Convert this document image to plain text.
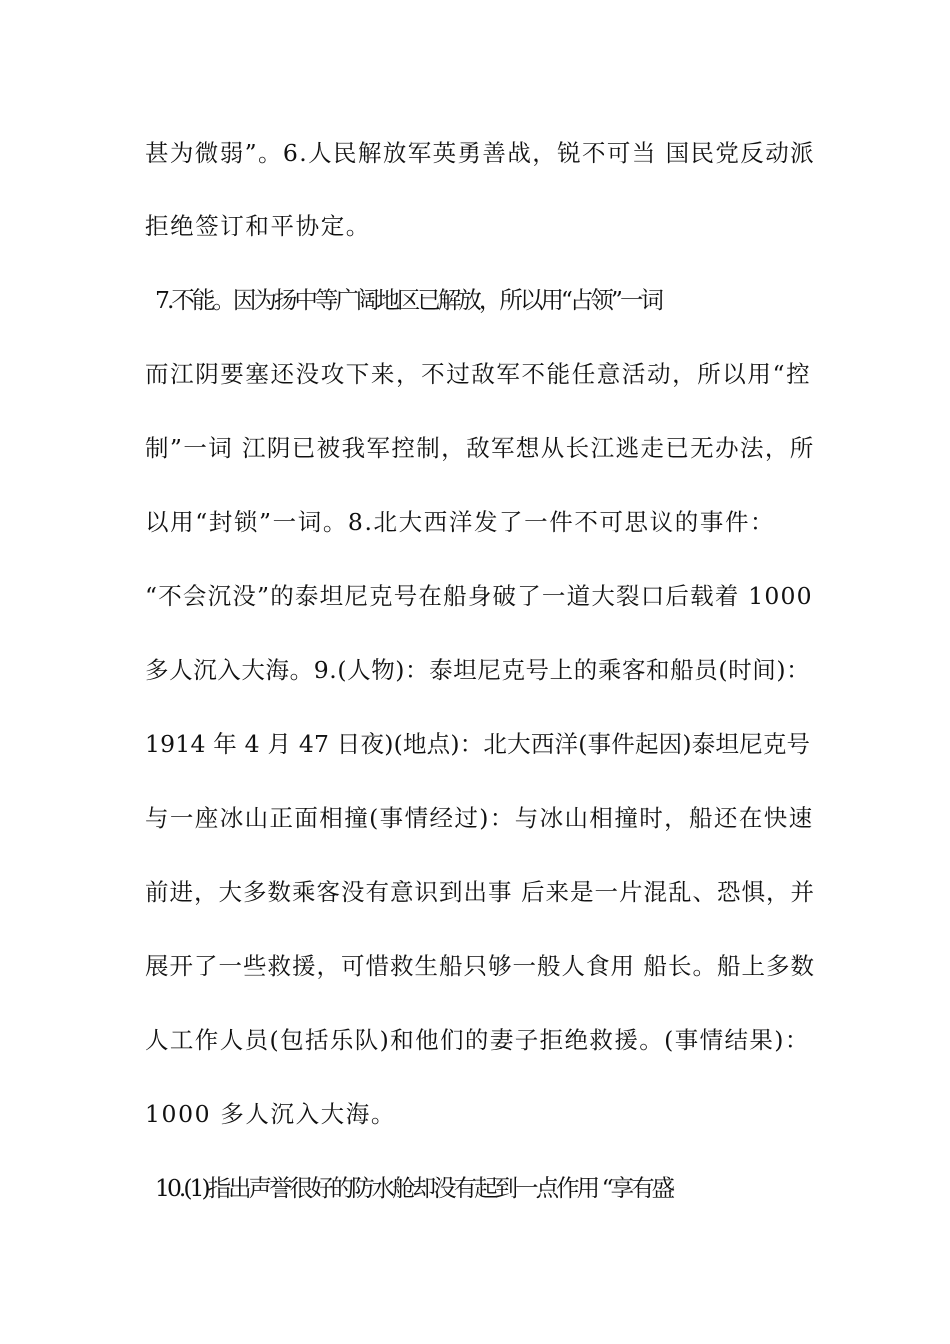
甚为微弱”。6.人民解放军英勇善战，锐不可当 国民党反动派

拒绝签订和平协定。

7.不能。因为扬中等广阔地区已解放，所以用“占领”一词

而江阴要塞还没攻下来，不过敌军不能任意活动，所以用“控

制”一词 江阴已被我军控制，敌军想从长江逃走已无办法，所

以用“封锁”一词。8.北大西洋发了一件不可思议的事件：

“不会沉没”的泰坦尼克号在船身破了一道大裂口后载着 1000

多人沉入大海。9.(人物)：泰坦尼克号上的乘客和船员(时间)：

1914 年 4 月 47 日夜)(地点)：北大西洋(事件起因)泰坦尼克号

与一座冰山正面相撞(事情经过)：与冰山相撞时，船还在快速

前进，大多数乘客没有意识到出事 后来是一片混乱、恐惧，并

展开了一些救援，可惜救生船只够一般人食用 船长。船上多数

人工作人员(包括乐队)和他们的妻子拒绝救援。(事情结果)：

1000 多人沉入大海。

10.(1)指出声誉很好的防水舱却没有起到一点作用 “享有盛
